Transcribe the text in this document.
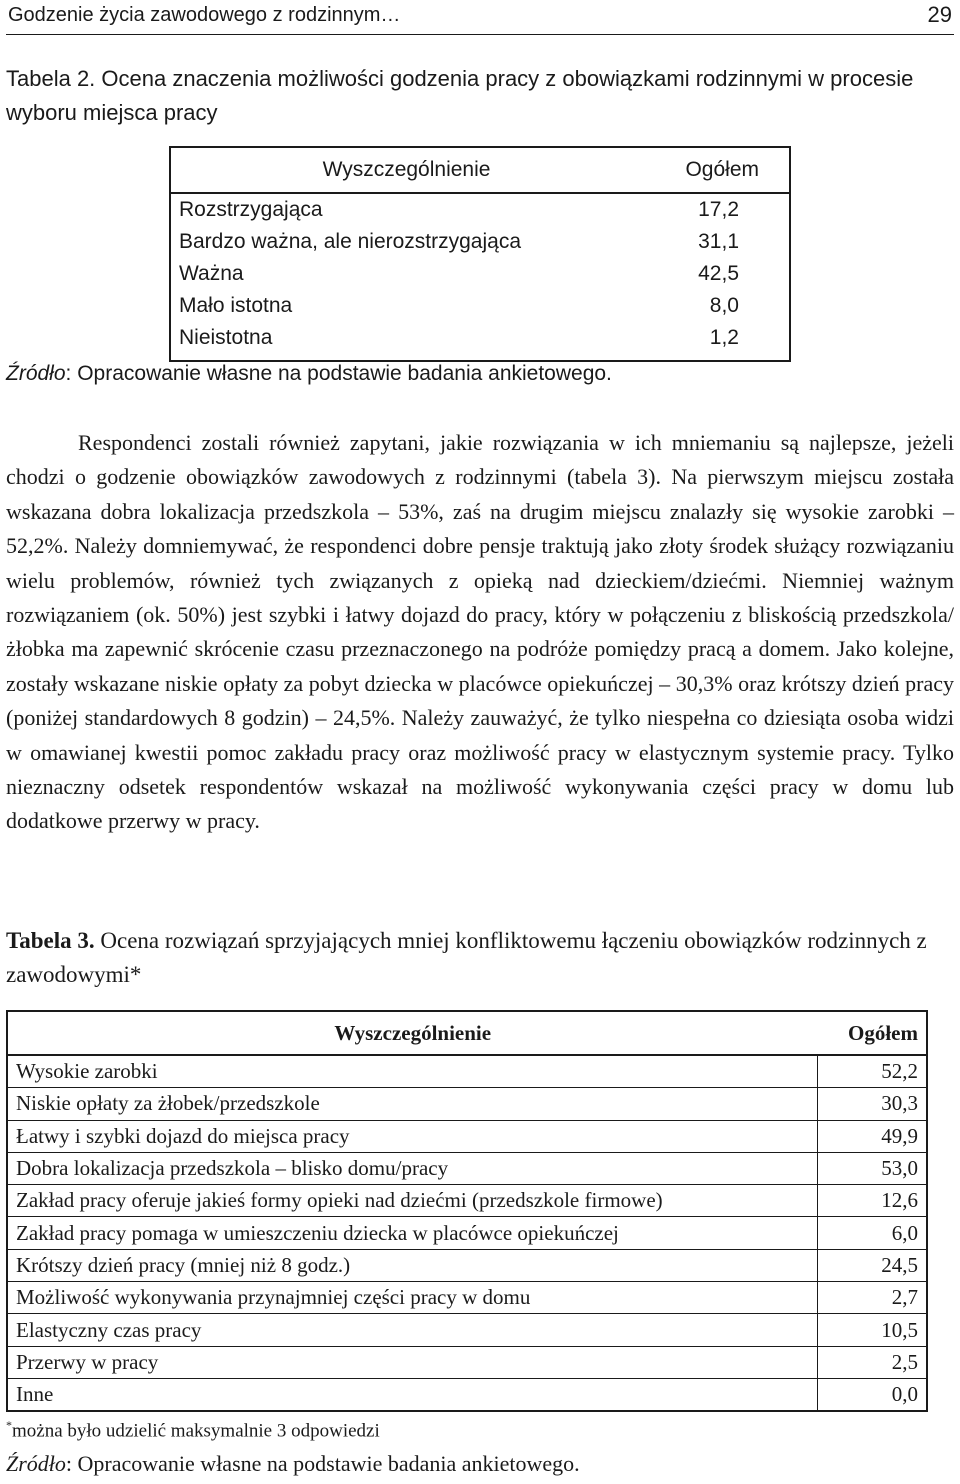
Godzenie życia zawodowego z rodzinnym…	29
Tabela 2. Ocena znaczenia możliwości godzenia pracy z obowiązkami rodzinnymi w procesie wyboru miejsca pracy
Wyszczególnienie	Ogółem
Rozstrzygająca	17,2
Bardzo ważna, ale nierozstrzygająca	31,1
Ważna	42,5
Mało istotna	8,0
Nieistotna	1,2
Źródło: Opracowanie własne na podstawie badania ankietowego.

Respondenci zostali również zapytani, jakie rozwiązania w ich mniemaniu są najlepsze, jeżeli chodzi o godzenie obowiązków zawodowych z rodzinnymi (tabela 3). Na pierwszym miejscu została wskazana dobra lokalizacja przedszkola – 53%, zaś na drugim miejscu znalazły się wysokie zarobki – 52,2%. Należy domniemywać, że respondenci dobre pensje traktują jako złoty środek służący rozwiązaniu wielu problemów, również tych związanych z opieką nad dzieckiem/dziećmi. Niemniej ważnym rozwiązaniem (ok. 50%) jest szybki i łatwy dojazd do pracy, który w połączeniu z bliskością przedszkola/żłobka ma zapewnić skrócenie czasu przeznaczonego na podróże pomiędzy pracą a domem. Jako kolejne, zostały wskazane niskie opłaty za pobyt dziecka w placówce opiekuńczej – 30,3% oraz krótszy dzień pracy (poniżej standardowych 8 godzin) – 24,5%. Należy zauważyć, że tylko niespełna co dziesiąta osoba widzi w omawianej kwestii pomoc zakładu pracy oraz możliwość pracy w elastycznym systemie pracy. Tylko nieznaczny odsetek respondentów wskazał na możliwość wykonywania części pracy w domu lub dodatkowe przerwy w pracy.

Tabela 3. Ocena rozwiązań sprzyjających mniej konfliktowemu łączeniu obowiązków rodzinnych z zawodowymi*
Wyszczególnienie	Ogółem
Wysokie zarobki	52,2
Niskie opłaty za żłobek/przedszkole	30,3
Łatwy i szybki dojazd do miejsca pracy	49,9
Dobra lokalizacja przedszkola – blisko domu/pracy	53,0
Zakład pracy oferuje jakieś formy opieki nad dziećmi (przedszkole firmowe)	12,6
Zakład pracy pomaga w umieszczeniu dziecka w placówce opiekuńczej	6,0
Krótszy dzień pracy (mniej niż 8 godz.)	24,5
Możliwość wykonywania przynajmniej części pracy w domu	2,7
Elastyczny czas pracy	10,5
Przerwy w pracy	2,5
Inne	0,0
*można było udzielić maksymalnie 3 odpowiedzi
Źródło: Opracowanie własne na podstawie badania ankietowego.
